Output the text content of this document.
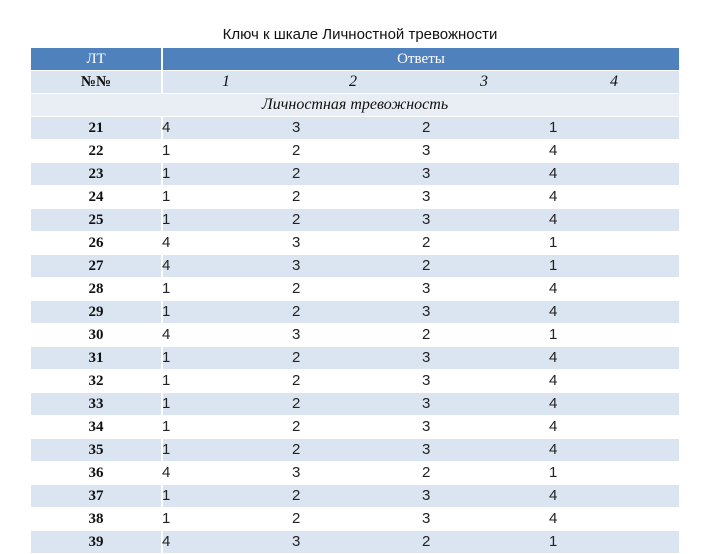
Ключ к шкале Личностной тревожности
ЛТ	Ответы
№№	1	2	3	4
Личностная тревожность
21	4	3	2	1
22	1	2	3	4
23	1	2	3	4
24	1	2	3	4
25	1	2	3	4
26	4	3	2	1
27	4	3	2	1
28	1	2	3	4
29	1	2	3	4
30	4	3	2	1
31	1	2	3	4
32	1	2	3	4
33	1	2	3	4
34	1	2	3	4
35	1	2	3	4
36	4	3	2	1
37	1	2	3	4
38	1	2	3	4
39	4	3	2	1
